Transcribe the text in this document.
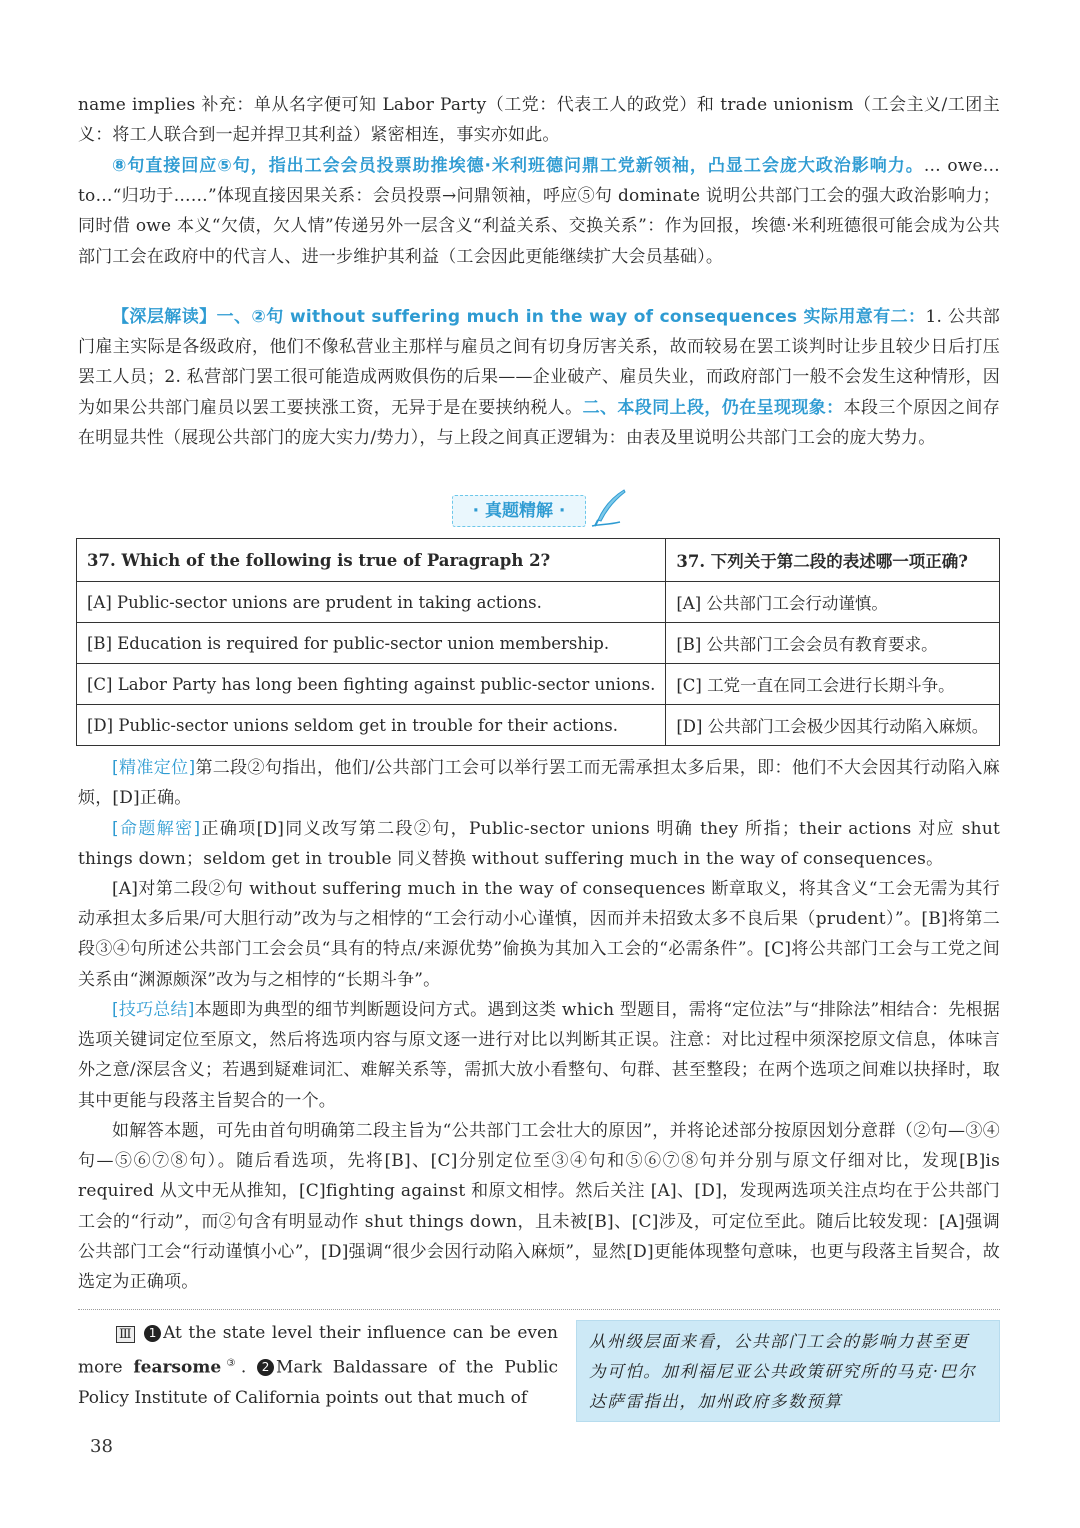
name implies 补充：单从名字便可知 Labor Party（工党：代表工人的政党）和 trade unionism（工会主义/工团主义：将工人联合到一起并捍卫其利益）紧密相连，事实亦如此。
⑧句直接回应⑤句，指出工会会员投票助推埃德·米利班德问鼎工党新领袖，凸显工会庞大政治影响力。… owe… to…“归功于……”体现直接因果关系：会员投票→问鼎领袖，呼应⑤句 dominate 说明公共部门工会的强大政治影响力；同时借 owe 本义“欠债，欠人情”传递另外一层含义“利益关系、交换关系”：作为回报，埃德·米利班德很可能会成为公共部门工会在政府中的代言人、进一步维护其利益（工会因此更能继续扩大会员基础）。
【深层解读】一、②句 without suffering much in the way of consequences 实际用意有二：1. 公共部门雇主实际是各级政府，他们不像私营业主那样与雇员之间有切身厉害关系，故而较易在罢工谈判时让步且较少日后打压罢工人员；2. 私营部门罢工很可能造成两败俱伤的后果——企业破产、雇员失业，而政府部门一般不会发生这种情形，因为如果公共部门雇员以罢工要挟涨工资，无异于是在要挟纳税人。二、本段同上段，仍在呈现现象：本段三个原因之间存在明显共性（展现公共部门的庞大实力/势力），与上段之间真正逻辑为：由表及里说明公共部门工会的庞大势力。
· 真题精解 ·
37. Which of the following is true of Paragraph 2?	37. 下列关于第二段的表述哪一项正确?
[A] Public-sector unions are prudent in taking actions.	[A] 公共部门工会行动谨慎。
[B] Education is required for public-sector union membership.	[B] 公共部门工会会员有教育要求。
[C] Labor Party has long been fighting against public-sector unions.	[C] 工党一直在同工会进行长期斗争。
[D] Public-sector unions seldom get in trouble for their actions.	[D] 公共部门工会极少因其行动陷入麻烦。
[精准定位]第二段②句指出，他们/公共部门工会可以举行罢工而无需承担太多后果，即：他们不大会因其行动陷入麻烦，[D]正确。
[命题解密]正确项[D]同义改写第二段②句，Public-sector unions 明确 they 所指；their actions 对应 shut things down；seldom get in trouble 同义替换 without suffering much in the way of consequences。
[A]对第二段②句 without suffering much in the way of consequences 断章取义，将其含义“工会无需为其行动承担太多后果/可大胆行动”改为与之相悖的“工会行动小心谨慎，因而并未招致太多不良后果（prudent）”。[B]将第二段③④句所述公共部门工会会员“具有的特点/来源优势”偷换为其加入工会的“必需条件”。[C]将公共部门工会与工党之间关系由“渊源颇深”改为与之相悖的“长期斗争”。
[技巧总结]本题即为典型的细节判断题设问方式。遇到这类 which 型题目，需将“定位法”与“排除法”相结合：先根据选项关键词定位至原文，然后将选项内容与原文逐一进行对比以判断其正误。注意：对比过程中须深挖原文信息，体味言外之意/深层含义；若遇到疑难词汇、难解关系等，需抓大放小看整句、句群、甚至整段；在两个选项之间难以抉择时，取其中更能与段落主旨契合的一个。
如解答本题，可先由首句明确第二段主旨为“公共部门工会壮大的原因”，并将论述部分按原因划分意群（②句—③④句—⑤⑥⑦⑧句）。随后看选项，先将[B]、[C]分别定位至③④句和⑤⑥⑦⑧句并分别与原文仔细对比，发现[B]is required 从文中无从推知，[C]fighting against 和原文相悖。然后关注 [A]、[D]，发现两选项关注点均在于公共部门工会的“行动”，而②句含有明显动作 shut things down，且未被[B]、[C]涉及，可定位至此。随后比较发现：[A]强调公共部门工会“行动谨慎小心”，[D]强调“很少会因行动陷入麻烦”，显然[D]更能体现整句意味，也更与段落主旨契合，故选定为正确项。
Ⅲ 1 At the state level their influence can be even more fearsome③. 2 Mark Baldassare of the Public Policy Institute of California points out that much of
从州级层面来看，公共部门工会的影响力甚至更为可怕。加利福尼亚公共政策研究所的马克·巴尔达萨雷指出，加州政府多数预算
38
